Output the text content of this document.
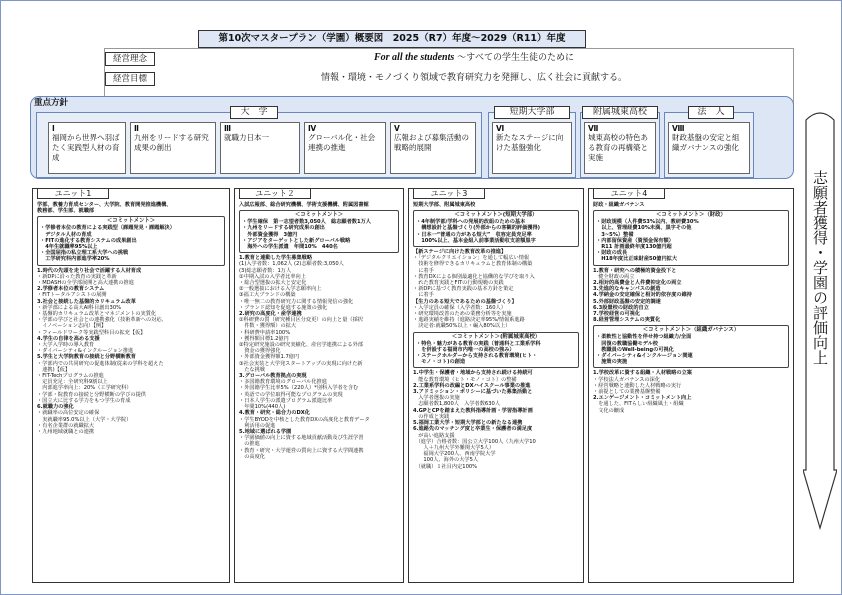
第10次マスタープラン（学園）概要図　2025（R7）年度～2029（R11）年度
経営理念	For all the students ～すべての学生生徒のために
経営目標	情報・環境・モノづくり領域で教育研究力を発揮し、広く社会に貢献する。
重点方針
大　学	短期大学部	附属城東高校	法　人
Ⅰ
福岡から世界へ羽ばたく実践型人材の育成
Ⅱ
九州をリードする研究成果の創出
Ⅲ
就職力日本一
Ⅳ
グローバル化・社会連携の推進
Ⅴ
広報および募集活動の戦略的展開
Ⅵ
新たなステージに向けた基盤強化
Ⅶ
城東高校の特色ある教育の再構築と実施
Ⅷ
財政基盤の安定と組織ガバナンスの強化
ユニット1

学部、教養力育成センター、大学院、教育開発推進機構、

教務部、学生部、就職部

＜コミットメント＞

・学修者本位の教育による実践型（課題発見・課題解決）

　デジタル人材の育成

・FITの進化する教育システムの成果創出

　4年生就職率95%以上

・全国屈指の私立理工系大学への挑戦

　工学研究科内部進学率20%

1.時代の先頭を走り社会で活躍する人材育成

・新DPに沿った教育の実践と革新

・MDASHの全学部展開と高大連携の推進

2.学修者本位の教育システム

・FITトータルアシストの展開

3.社会と接続した基盤的カリキュラム改革

・新学部による高大AI科目創出30%

・基盤的カリキュラム改革とマネジメントの実質化

・学部の学びと社会との連携強化（技術革新への対応、

　イノベーション志向）【例】

・フィールドワーク等実践型科目の拡充【仮】

4.学生の自律を高める支援

・大学入学時の導入教育

・ダイバーシティ&インクルージョン推進

5.学生と大学院教育の接続と分野横断教育

・学部内での共同研究の促進体制(従来の学科を超えた

　連携)【仮】

・FIT-Techプログラムの推進

　定員充足：全研究科9割以上

　内部進学率向上：20%（工学研究科）

・学部・院教育の接続と分野横断の学びの提供

・国立大に比する学力をもつ学生の育成

6.就職力の強化

・就職率の高位安定の確保

　実就職率95.0%以上（大学・大学院）

・有名企業群の就職拡大

・九州地域就職との連携

ユニット２

入試広報部、総合研究機構、学術支援機構、附属図書館

＜コミットメント＞

・学生確保　第一志望者数3,050人　総志願者数1万人

・九州をリードする研究成果の創出

　外部資金獲得　3億円

・アジアをターゲットとした新グローバル戦略

　海外への学生派遣　年間10%　440名

1.教育と連動した学生募集戦略

(1)入学者数：1,062人 (2)志願者数:3,050人

(3)総志願者数：1万人

①中期入試の入学者比率向上

・総合型選抜の拡大と安定化

②一般選抜における入学志願率向上

③福工大ブランドの構築

・唯一無二の教育研究力に関する情報発信の強化

・ブランド認知を促進する施策の強化

2.研究の高度化・産学連携

①科研費の質（研究種目区分変更）の向上と量（採択

　件数・獲得額）の拡大

・科研費申請率100%

・獲得額目標1.2億円

②特定研究施設の研究実績化、産官学連携による外部

　資金の獲得強化

・外部資金獲得額1.7億円

③社会実装と大学発スタートアップの実現に向けた新

　たな挑戦

3.グローバル教育拠点の実現

・多国籍教育環境のグローバル化推進

・外国籍学生比率5%（220人）*別科入学者を含む

・英語での学位取得可能なプログラムの実現

・日本人学生の派遣プログラム派遣比率

　年間10%(440人)

4.教育・研究・総合力のDX化

・学生BYODを中核とした教育DXの高度化と教育データ

　利活用の促進

5.地域に選ばれる学園

・学園価値の向上に資する地域貢献活動及び生涯学習

　の推進

・教育・研究・大学運営の質向上に資する大学間連携

　の高度化

ユニット3

短期大学部、附属城東高校

＜コミットメント＞(短期大学部）

・4年制学部/学科への発展的改組のための基本

　構想設計と基盤づくり(外部からの客観的評価獲得)

・日本一“普通の力がある短大”　収容定員充足率

　100%以上、基本金組入前事業活動収支差額黒字

【新ステージに向けた教育改革の推進】

・「デジタルクリエイション」を通して幅広い情報

　技術を修得できるカリキュラムと教育体制の構築

　に着手

・教育DXによる個別最適化と協働的な学びを取り入

　れた教育実践とFITの行動規範の実践

・新DPに基づく教育実践の基本方針を策定

　に着手

【生力のある短大であるための基盤づくり】

・入学定員の確保（入学者数：160人）

・研究環境改善のための業務分析等を実施

・進路実績を維持（進路決定率95%/情報系進路

　決定者:就職50%以上・編入80%以上）

＜コミットメント＞(附属城東高校）

・特色・魅力がある教育の実践（普通科と工業系学科

　を併設する福岡市内唯一の高校の強み）

・ステークホルダーから支持される教育環境(ヒト・

　モノ・コト)の創造

1.中学生・保護者・地域から支持され続ける持続可

　能な教育環境（ヒト・モノ・コト）の整備

2.工業系学科の改編とDXハイスクール事業の推進

3.アドミッション・ポリシーに基づいた募集活動と

　入学者選抜の実施

　志願者数1,800人　入学者数630人

4.GPとCPを踏まえた教科指導計画・学習指導計画

　の作成と実践

5.福岡工業大学・短期大学部との新たなる連携

6.進路先のマッチング度と卒業生・保護者の満足度

　が高い進路支援

　（進学）合格者数：国公立大学100人（九州大学10

　　人＋九州大学外難関大学5人）

　　福岡大学200人、西南学院大学

　　100人、海外の大学5人

　（就職）１社目内定100%

ユニット4

財政・組織ガバナンス

＜コミットメント＞（財政）

・財政規模（人件費53%以内、教研費30%

　以上、管理経費10%未満、黒字その他

　3~5%）整備

・内部留保資産（資預金保有額）

　R11 計画最終年度130億円超

・財政の成長

　H18年度比正味財産50億円拡大

1.教育・研究への積極的資金投下と

　健全財政の両立

2.相対的高費金と人件費抑定化の両立

3.先進的なキャンパスの創造

4.学納金の安定確保と相対的依存度の維持

5.外部財政基盤の安定的調達

6.3設置校の財政的自立

7.学校経営の可視化

8.経営管理システムの実質化

＜コミットメント＞（組織ガバナンス）

・柔軟性と協動性を伴せ持つ組織力/全面

　回復の教職協働モデル校

　教職員のWell-beingの可視化

・ダイバーシティ&インクルージョン関連

　施策の実施

1.学校改革に資する組織・人材戦略の立案

・学校法人ガバナンスの深化

・経営戦略と連動した人材戦略の実行

・前提としての業務基盤整備

2.エンゲージメント・コミットメント向上

　を通した、FITらしい組織風土・組織

　文化の醸成

志願者獲得・学園の評価向上
